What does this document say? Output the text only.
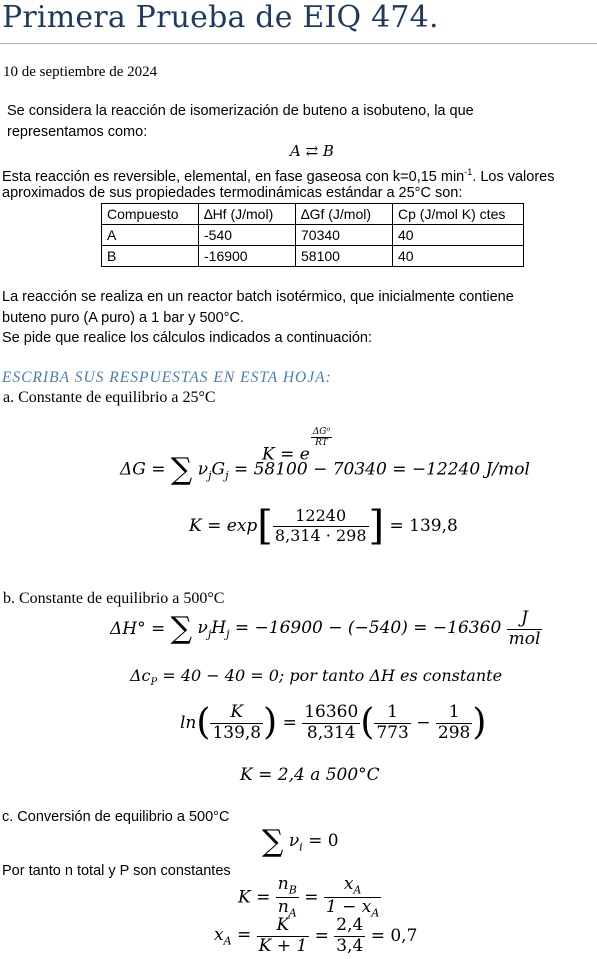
Primera Prueba de EIQ 474.
10 de septiembre de 2024
Se considera la reacción de isomerización de buteno a isobuteno, la que
representamos como:
A ⇄ B
Esta reacción es reversible, elemental, en fase gaseosa con k=0,15 $\min^{-1}$. Los valores
aproximados de sus propiedades termodinámicas estándar a 25°C son:
Compuesto	∆Hf (J/mol)	∆Gf (J/mol)	Cp (J/mol K) ctes
A	-540	70340	40
B	-16900	58100	40
La reacción se realiza en un reactor batch isotérmico, que inicialmente contiene
buteno puro (A puro) a 1 bar y 500°C.
Se pide que realice los cálculos indicados a continuación:
ESCRIBA SUS RESPUESTAS EN ESTA HOJA:
a. Constante de equilibrio a 25°C
K = e
$\frac{\text{ΔG⁰}}{RT}$
ΔG = ∑ $\nu_jG_j = 58100 - 70340 = -12240$ J/mol
$K = \exp[ \frac{12240}{8,314 \cdot 298}$ ] = 139,8
b. Constante de equilibrio a 500°C
ΔH° = ∑ $\nu_jH_j = -16900 - (-540) = -16360 \frac{J}{\text{mol}}$
$\Delta c_P = 40 - 40 = 0$; por tanto ΔH es constante
$\ln( \frac{K}{139,8}$ ) = $\frac{16360}{8,314}$ ( $\frac{1}{773} - \frac{1}{298}$ )
K = 2,4 a 500°C
c. Conversión de equilibrio a 500°C
∑ $\nu_i = 0$
Por tanto n total y P son constantes
$K = \frac{n_B}{n_A} = \frac{x_A}{1 - x_A}$
$x_A = \frac{K}{K + 1} = \frac{2,4}{3,4} = 0,7$
